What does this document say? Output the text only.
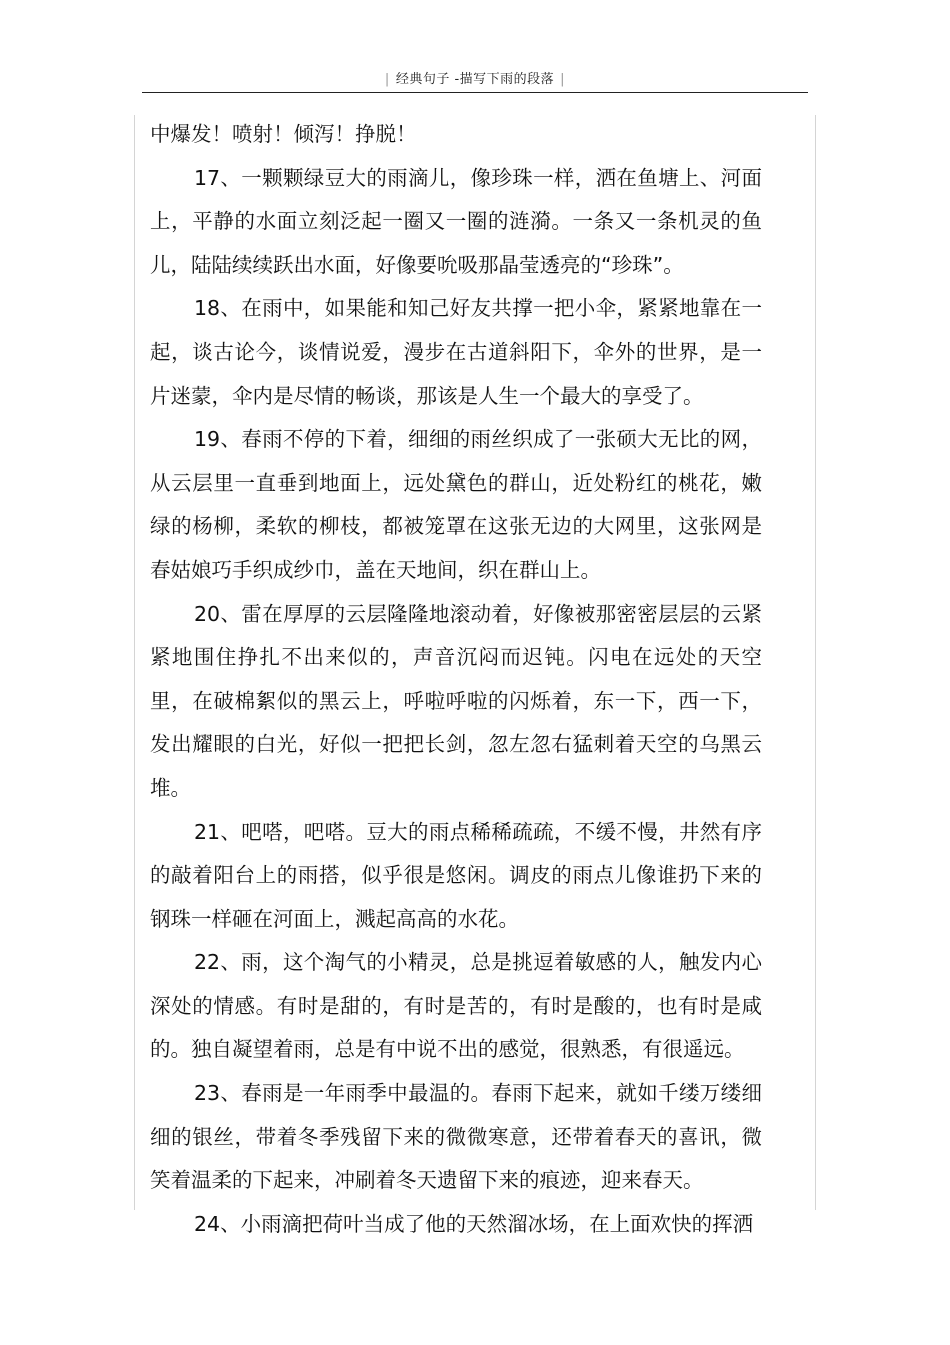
| 经典句子 -描写下雨的段落 |

中爆发！喷射！倾泻！挣脱！

17、一颗颗绿豆大的雨滴儿，像珍珠一样，洒在鱼塘上、河面上，平静的水面立刻泛起一圈又一圈的涟漪。一条又一条机灵的鱼儿，陆陆续续跃出水面，好像要吮吸那晶莹透亮的“珍珠”。

18、在雨中，如果能和知己好友共撑一把小伞，紧紧地靠在一起，谈古论今，谈情说爱，漫步在古道斜阳下，伞外的世界，是一片迷蒙，伞内是尽情的畅谈，那该是人生一个最大的享受了。

19、春雨不停的下着，细细的雨丝织成了一张硕大无比的网，从云层里一直垂到地面上，远处黛色的群山，近处粉红的桃花，嫩绿的杨柳，柔软的柳枝，都被笼罩在这张无边的大网里，这张网是春姑娘巧手织成纱巾，盖在天地间，织在群山上。

20、雷在厚厚的云层隆隆地滚动着，好像被那密密层层的云紧紧地围住挣扎不出来似的，声音沉闷而迟钝。闪电在远处的天空里，在破棉絮似的黑云上，呼啦呼啦的闪烁着，东一下，西一下，发出耀眼的白光，好似一把把长剑，忽左忽右猛刺着天空的乌黑云堆。

21、吧嗒，吧嗒。豆大的雨点稀稀疏疏，不缓不慢，井然有序的敲着阳台上的雨搭，似乎很是悠闲。调皮的雨点儿像谁扔下来的钢珠一样砸在河面上，溅起高高的水花。

22、雨，这个淘气的小精灵，总是挑逗着敏感的人，触发内心深处的情感。有时是甜的，有时是苦的，有时是酸的，也有时是咸的。独自凝望着雨，总是有中说不出的感觉，很熟悉，有很遥远。

23、春雨是一年雨季中最温的。春雨下起来，就如千缕万缕细细的银丝，带着冬季残留下来的微微寒意，还带着春天的喜讯，微笑着温柔的下起来，冲刷着冬天遗留下来的痕迹，迎来春天。

24、小雨滴把荷叶当成了他的天然溜冰场，在上面欢快的挥洒
